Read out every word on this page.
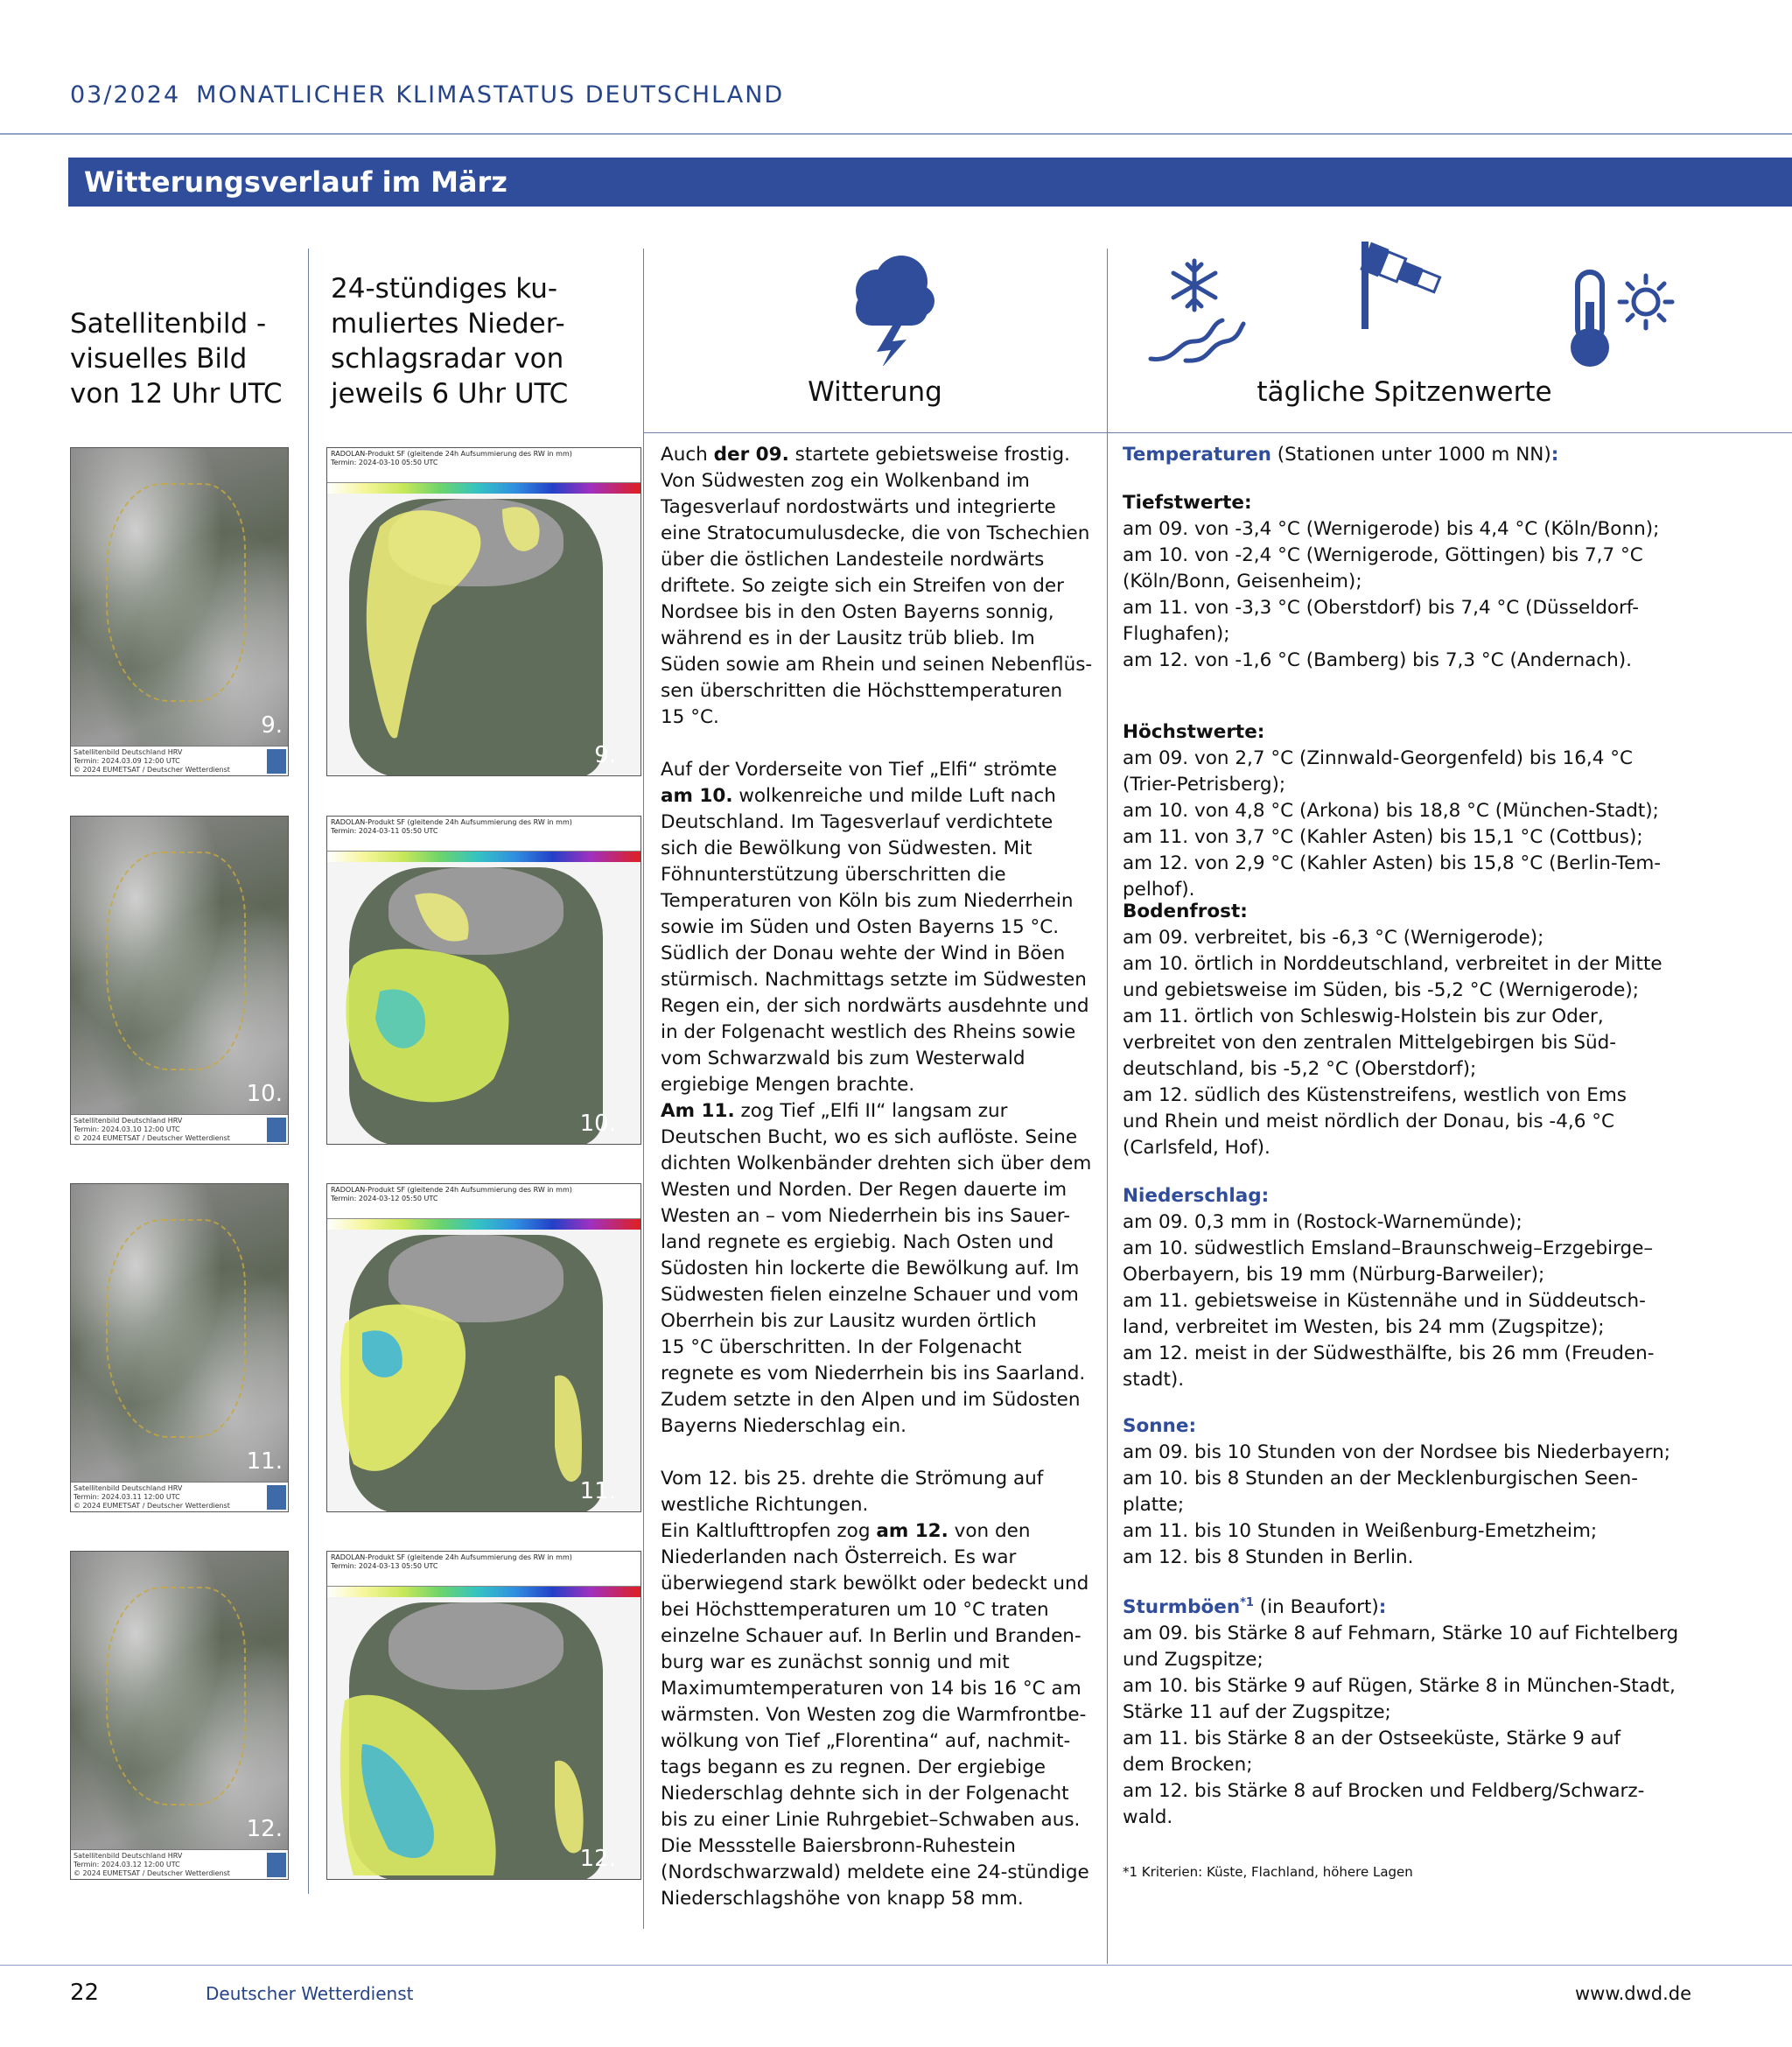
03/2024 MONATLICHER KLIMASTATUS DEUTSCHLAND
Witterungsverlauf im März
Satellitenbild -
visuelles Bild
von 12 Uhr UTC
24-stündiges ku-
muliertes Nieder-
schlagsradar von
jeweils 6 Uhr UTC	Witterung	tägliche Spitzenwerte
9.
Satellitenbild Deutschland HRV
Termin: 2024.03.09 12:00 UTC
© 2024 EUMETSAT / Deutscher Wetterdienst
10.
Satellitenbild Deutschland HRV
Termin: 2024.03.10 12:00 UTC
© 2024 EUMETSAT / Deutscher Wetterdienst
11.
Satellitenbild Deutschland HRV
Termin: 2024.03.11 12:00 UTC
© 2024 EUMETSAT / Deutscher Wetterdienst
12.
Satellitenbild Deutschland HRV
Termin: 2024.03.12 12:00 UTC
© 2024 EUMETSAT / Deutscher Wetterdienst
RADOLAN-Produkt SF (gleitende 24h Aufsummierung des RW in mm)
Termin: 2024-03-10 05:50 UTC
9.
RADOLAN-Produkt SF (gleitende 24h Aufsummierung des RW in mm)
Termin: 2024-03-11 05:50 UTC
10.
RADOLAN-Produkt SF (gleitende 24h Aufsummierung des RW in mm)
Termin: 2024-03-12 05:50 UTC
11.
RADOLAN-Produkt SF (gleitende 24h Aufsummierung des RW in mm)
Termin: 2024-03-13 05:50 UTC
12.
Auch der 09. startete gebietsweise frostig.
Von Südwesten zog ein Wolkenband im
Tagesverlauf nordostwärts und integrierte
eine Stratocumulusdecke, die von Tschechien
über die östlichen Landesteile nordwärts
driftete. So zeigte sich ein Streifen von der
Nordsee bis in den Osten Bayerns sonnig,
während es in der Lausitz trüb blieb. Im
Süden sowie am Rhein und seinen Nebenflüs-
sen überschritten die Höchsttemperaturen
15 °C.

Auf der Vorderseite von Tief „Elfi“ strömte
am 10. wolkenreiche und milde Luft nach
Deutschland. Im Tagesverlauf verdichtete
sich die Bewölkung von Südwesten. Mit
Föhnunterstützung überschritten die
Temperaturen von Köln bis zum Niederrhein
sowie im Süden und Osten Bayerns 15 °C.
Südlich der Donau wehte der Wind in Böen
stürmisch. Nachmittags setzte im Südwesten
Regen ein, der sich nordwärts ausdehnte und
in der Folgenacht westlich des Rheins sowie
vom Schwarzwald bis zum Westerwald
ergiebige Mengen brachte.
Am 11. zog Tief „Elfi II“ langsam zur
Deutschen Bucht, wo es sich auflöste. Seine
dichten Wolkenbänder drehten sich über dem
Westen und Norden. Der Regen dauerte im
Westen an – vom Niederrhein bis ins Sauer-
land regnete es ergiebig. Nach Osten und
Südosten hin lockerte die Bewölkung auf. Im
Südwesten fielen einzelne Schauer und vom
Oberrhein bis zur Lausitz wurden örtlich
15 °C überschritten. In der Folgenacht
regnete es vom Niederrhein bis ins Saarland.
Zudem setzte in den Alpen und im Südosten
Bayerns Niederschlag ein.

Vom 12. bis 25. drehte die Strömung auf
westliche Richtungen.
Ein Kaltlufttropfen zog am 12. von den
Niederlanden nach Österreich. Es war
überwiegend stark bewölkt oder bedeckt und
bei Höchsttemperaturen um 10 °C traten
einzelne Schauer auf. In Berlin und Branden-
burg war es zunächst sonnig und mit
Maximumtemperaturen von 14 bis 16 °C am
wärmsten. Von Westen zog die Warmfrontbe-
wölkung von Tief „Florentina“ auf, nachmit-
tags begann es zu regnen. Der ergiebige
Niederschlag dehnte sich in der Folgenacht
bis zu einer Linie Ruhrgebiet–Schwaben aus.
Die Messstelle Baiersbronn-Ruhestein
(Nordschwarzwald) meldete eine 24-stündige
Niederschlagshöhe von knapp 58 mm.
Temperaturen (Stationen unter 1000 m NN):
Tiefstwerte:
am 09. von -3,4 °C (Wernigerode) bis 4,4 °C (Köln/Bonn);
am 10. von -2,4 °C (Wernigerode, Göttingen) bis 7,7 °C
(Köln/Bonn, Geisenheim);
am 11. von -3,3 °C (Oberstdorf) bis 7,4 °C (Düsseldorf-
Flughafen);
am 12. von -1,6 °C (Bamberg) bis 7,3 °C (Andernach).
Höchstwerte:
am 09. von 2,7 °C (Zinnwald-Georgenfeld) bis 16,4 °C
(Trier-Petrisberg);
am 10. von 4,8 °C (Arkona) bis 18,8 °C (München-Stadt);
am 11. von 3,7 °C (Kahler Asten) bis 15,1 °C (Cottbus);
am 12. von 2,9 °C (Kahler Asten) bis 15,8 °C (Berlin-Tem-
pelhof).
Bodenfrost:
am 09. verbreitet, bis -6,3 °C (Wernigerode);
am 10. örtlich in Norddeutschland, verbreitet in der Mitte
und gebietsweise im Süden, bis -5,2 °C (Wernigerode);
am 11. örtlich von Schleswig-Holstein bis zur Oder,
verbreitet von den zentralen Mittelgebirgen bis Süd-
deutschland, bis -5,2 °C (Oberstdorf);
am 12. südlich des Küstenstreifens, westlich von Ems
und Rhein und meist nördlich der Donau, bis -4,6 °C
(Carlsfeld, Hof).
Niederschlag:
am 09. 0,3 mm in (Rostock-Warnemünde);
am 10. südwestlich Emsland–Braunschweig–Erzgebirge–
Oberbayern, bis 19 mm (Nürburg-Barweiler);
am 11. gebietsweise in Küstennähe und in Süddeutsch-
land, verbreitet im Westen, bis 24 mm (Zugspitze);
am 12. meist in der Südwesthälfte, bis 26 mm (Freuden-
stadt).
Sonne:
am 09. bis 10 Stunden von der Nordsee bis Niederbayern;
am 10. bis 8 Stunden an der Mecklenburgischen Seen-
platte;
am 11. bis 10 Stunden in Weißenburg-Emetzheim;
am 12. bis 8 Stunden in Berlin.
Sturmböen$^{*1}$ (in Beaufort):
am 09. bis Stärke 8 auf Fehmarn, Stärke 10 auf Fichtelberg
und Zugspitze;
am 10. bis Stärke 9 auf Rügen, Stärke 8 in München-Stadt,
Stärke 11 auf der Zugspitze;
am 11. bis Stärke 8 an der Ostseeküste, Stärke 9 auf
dem Brocken;
am 12. bis Stärke 8 auf Brocken und Feldberg/Schwarz-
wald.
*1 Kriterien: Küste, Flachland, höhere Lagen
22	Deutscher Wetterdienst	www.dwd.de
